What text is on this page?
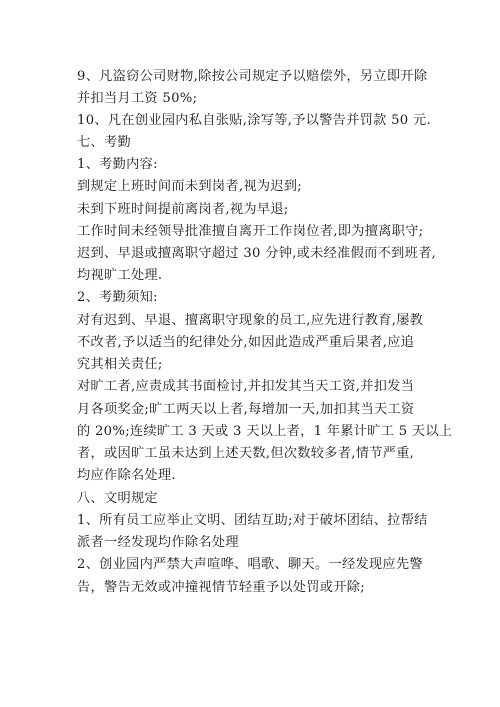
9、凡盗窃公司财物,除按公司规定予以赔偿外，另立即开除
并扣当月工资 50%;
10、凡在创业园内私自张贴,涂写等,予以警告并罚款 50 元.
七、考勤
1、考勤内容:
到规定上班时间而未到岗者,视为迟到;
未到下班时间提前离岗者,视为早退;
工作时间未经领导批准擅自离开工作岗位者,即为擅离职守;
迟到、早退或擅离职守超过 30 分钟,或未经准假而不到班者,
均视旷工处理.
2、考勤须知:
对有迟到、早退、擅离职守现象的员工,应先进行教育,屡教
不改者,予以适当的纪律处分,如因此造成严重后果者,应追
究其相关责任;
对旷工者,应责成其书面检讨,并扣发其当天工资,并扣发当
月各项奖金;旷工两天以上者,每增加一天,加扣其当天工资
的 20%;连续旷工 3 天或 3 天以上者，1 年累计旷工 5 天以上
者，或因旷工虽未达到上述天数,但次数较多者,情节严重,
均应作除名处理.
八、文明规定
1、所有员工应举止文明、团结互助;对于破坏团结、拉帮结
派者一经发现均作除名处理
2、创业园内严禁大声喧哗、唱歌、聊天。一经发现应先警
告，警告无效或冲撞视情节轻重予以处罚或开除;
